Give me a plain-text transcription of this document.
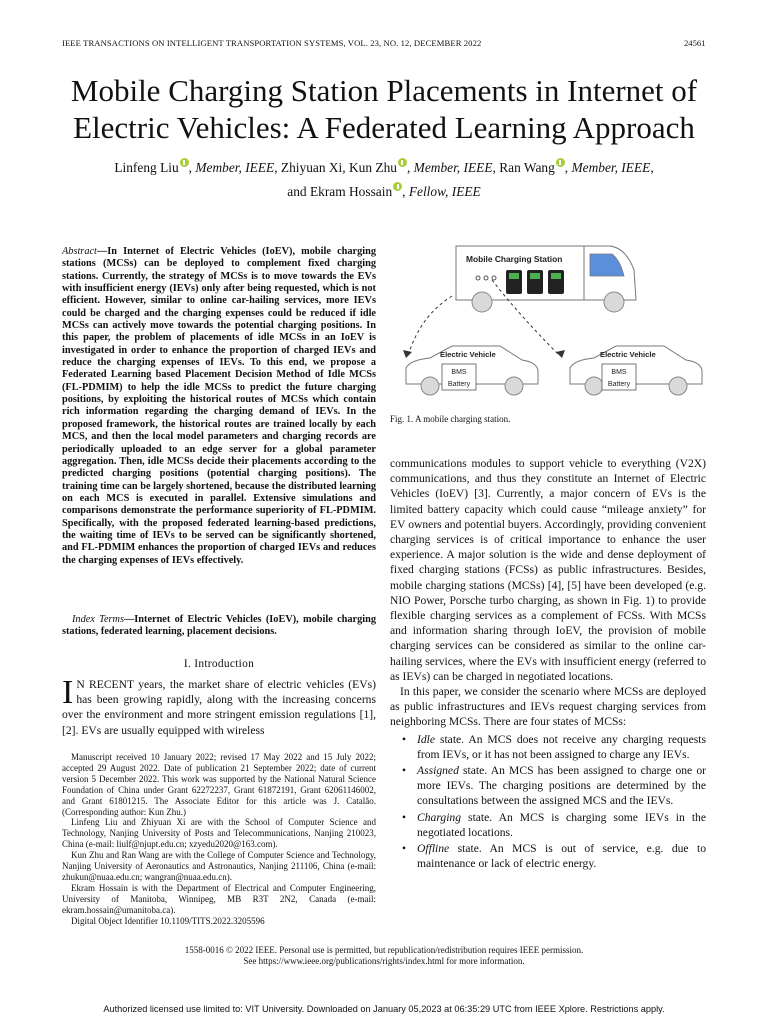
IEEE TRANSACTIONS ON INTELLIGENT TRANSPORTATION SYSTEMS, VOL. 23, NO. 12, DECEMBER 2022	24561
Mobile Charging Station Placements in Internet of
Electric Vehicles: A Federated Learning Approach
Linfeng Liu , Member, IEEE, Zhiyuan Xi, Kun Zhu , Member, IEEE, Ran Wang , Member, IEEE,
and Ekram Hossain , Fellow, IEEE
Abstract—In Internet of Electric Vehicles (IoEV), mobile charging stations (MCSs) can be deployed to complement fixed charging stations. Currently, the strategy of MCSs is to move towards the EVs with insufficient energy (IEVs) only after being requested, which is not efficient. However, similar to online car-hailing services, more IEVs could be charged and the charging expenses could be reduced if idle MCSs can actively move towards the potential charging positions. In this paper, the problem of placements of idle MCSs in an IoEV is investigated in order to enhance the proportion of charged IEVs and reduce the charging expenses of IEVs. To this end, we propose a Federated Learning based Placement Decision Method of Idle MCSs (FL-PDMIM) to help the idle MCSs to predict the future charging positions, by exploiting the historical routes of MCSs which contain rich information regarding the charging demand of IEVs. In the proposed framework, the historical routes are trained locally by each MCS, and then the local model parameters and charging records are periodically uploaded to an edge server for a global parameter aggregation. Then, idle MCSs decide their placements according to the predicted charging positions (potential charging positions). The training time can be largely shortened, because the distributed learning on each MCS is executed in parallel. Extensive simulations and comparisons demonstrate the performance superiority of FL-PDMIM. Specifically, with the proposed federated learning-based predictions, the waiting time of IEVs to be served can be significantly shortened, and FL-PDMIM enhances the proportion of charged IEVs and reduces the charging expenses of IEVs effectively.
Index Terms—Internet of Electric Vehicles (IoEV), mobile charging stations, federated learning, placement decisions.
I. Introduction
I N RECENT years, the market share of electric vehicles (EVs) has been growing rapidly, along with the increasing concerns over the environment and more stringent emission regulations [1], [2]. EVs are usually equipped with wireless

Manuscript received 10 January 2022; revised 17 May 2022 and 15 July 2022; accepted 29 August 2022. Date of publication 21 September 2022; date of current version 5 December 2022. This work was supported by the National Natural Science Foundation of China under Grant 62272237, Grant 61872191, Grant 62061146002, and Grant 61801215. The Associate Editor for this article was J. Catalão. (Corresponding author: Kun Zhu.)

Linfeng Liu and Zhiyuan Xi are with the School of Computer Science and Technology, Nanjing University of Posts and Telecommunications, Nanjing 210023, China (e-mail: liulf@njupt.edu.cn; xzyedu2020@163.com).

Kun Zhu and Ran Wang are with the College of Computer Science and Technology, Nanjing University of Aeronautics and Astronautics, Nanjing 211106, China (e-mail: zhukun@nuaa.edu.cn; wangran@nuaa.edu.cn).

Ekram Hossain is with the Department of Electrical and Computer Engineering, University of Manitoba, Winnipeg, MB R3T 2N2, Canada (e-mail: ekram.hossain@umanitoba.ca).

Digital Object Identifier 10.1109/TITS.2022.3205596

Mobile Charging Station
Electric Vehicle
BMS
Battery
Electric Vehicle
BMS
Battery
Fig. 1. A mobile charging station.

communications modules to support vehicle to everything (V2X) communications, and thus they constitute an Internet of Electric Vehicles (IoEV) [3]. Currently, a major concern of EVs is the limited battery capacity which could cause “mileage anxiety” for EV owners and potential buyers. Accordingly, providing convenient charging services is of critical importance to enhance the user experience. A major solution is the wide and dense deployment of fixed charging stations (FCSs) as public infrastructures. Besides, mobile charging stations (MCSs) [4], [5] have been developed (e.g. NIO Power, Porsche turbo charging, as shown in Fig. 1) to provide flexible charging services as a complement of FCSs. With MCSs and information sharing through IoEV, the provision of mobile charging services can be considered as similar to the online car-hailing services, where the EVs with insufficient energy (referred to as IEVs) can be charged in negotiated locations.

In this paper, we consider the scenario where MCSs are deployed as public infrastructures and IEVs request charging services from neighboring MCSs. There are four states of MCSs:

• Idle state. An MCS does not receive any charging requests from IEVs, or it has not been assigned to charge any IEVs.
• Assigned state. An MCS has been assigned to charge one or more IEVs. The charging positions are determined by the consultations between the assigned MCS and the IEVs.
• Charging state. An MCS is charging some IEVs in the negotiated locations.
• Offline state. An MCS is out of service, e.g. due to maintenance or lack of electric energy.
1558-0016 © 2022 IEEE. Personal use is permitted, but republication/redistribution requires IEEE permission.
See https://www.ieee.org/publications/rights/index.html for more information.
Authorized licensed use limited to: VIT University. Downloaded on January 05,2023 at 06:35:29 UTC from IEEE Xplore. Restrictions apply.
